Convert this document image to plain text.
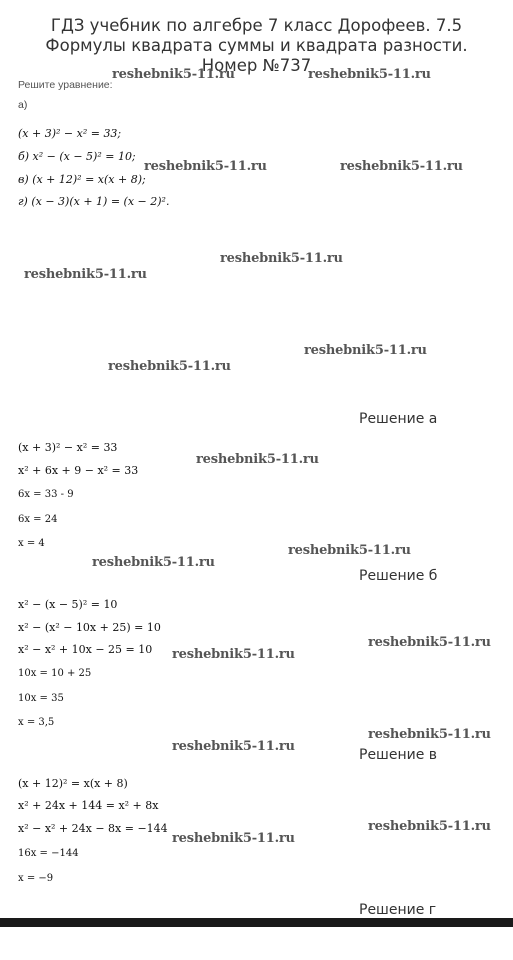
ГДЗ учебник по алгебре 7 класс Дорофеев. 7.5 Формулы квадрата суммы и квадрата разности. Номер №737
Решите уравнение:
а)
(x + 3)² − x² = 33;
б) x² − (x − 5)² = 10;
в) (x + 12)² = x(x + 8);
г) (x − 3)(x + 1) = (x − 2)².
Решение а
(x + 3)² − x² = 33
x² + 6x + 9 − x² = 33
6x = 33 - 9
6x = 24
x = 4
Решение б
x² − (x − 5)² = 10
x² − (x² − 10x + 25) = 10
x² − x² + 10x − 25 = 10
10x = 10 + 25
10x = 35
x = 3,5
Решение в
(x + 12)² = x(x + 8)
x² + 24x + 144 = x² + 8x
x² − x² + 24x − 8x = −144
16x = −144
x = −9
Решение г
reshebnik5-11.ru	reshebnik5-11.ru
reshebnik5-11.ru	reshebnik5-11.ru
reshebnik5-11.ru
reshebnik5-11.ru
reshebnik5-11.ru
reshebnik5-11.ru
reshebnik5-11.ru
reshebnik5-11.ru
reshebnik5-11.ru
reshebnik5-11.ru
reshebnik5-11.ru
reshebnik5-11.ru
reshebnik5-11.ru
reshebnik5-11.ru
reshebnik5-11.ru
